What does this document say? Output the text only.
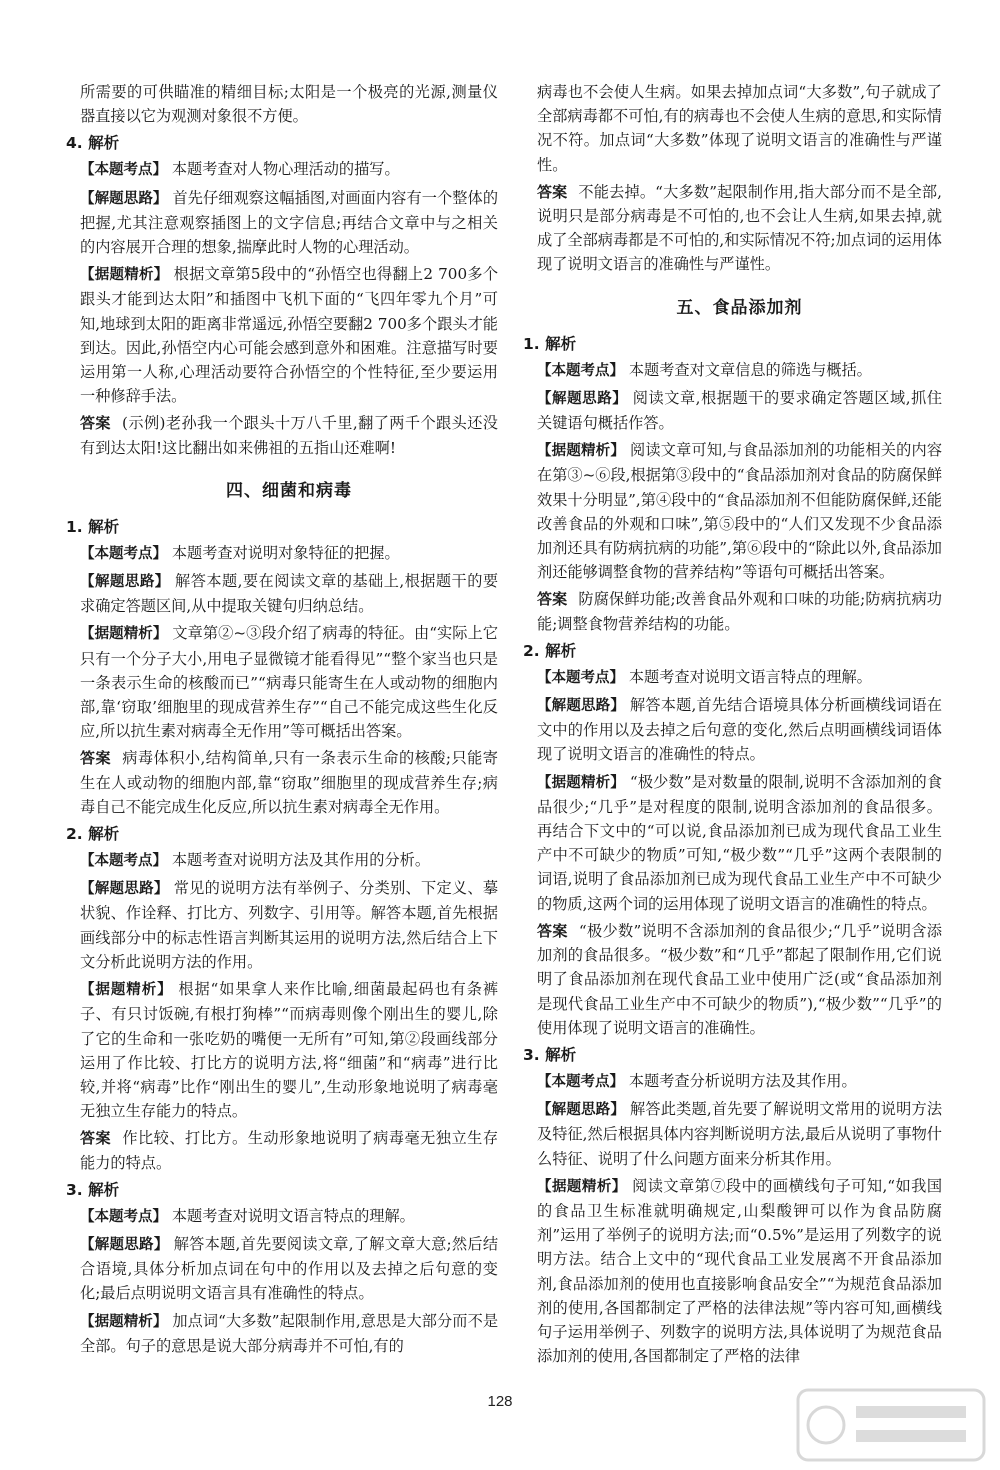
所需要的可供瞄准的精细目标;太阳是一个极亮的光源,测量仪器直接以它为观测对象很不方便。

4. 解析

【本题考点】 本题考查对人物心理活动的描写。

【解题思路】 首先仔细观察这幅插图,对画面内容有一个整体的把握,尤其注意观察插图上的文字信息;再结合文章中与之相关的内容展开合理的想象,揣摩此时人物的心理活动。

【据题精析】 根据文章第5段中的“孙悟空也得翻上2 700多个跟头才能到达太阳”和插图中飞机下面的“飞四年零九个月”可知,地球到太阳的距离非常遥远,孙悟空要翻2 700多个跟头才能到达。因此,孙悟空内心可能会感到意外和困难。注意描写时要运用第一人称,心理活动要符合孙悟空的个性特征,至少要运用一种修辞手法。

答案 (示例)老孙我一个跟头十万八千里,翻了两千个跟头还没有到达太阳!这比翻出如来佛祖的五指山还难啊!

四、细菌和病毒
1. 解析

【本题考点】 本题考查对说明对象特征的把握。

【解题思路】 解答本题,要在阅读文章的基础上,根据题干的要求确定答题区间,从中提取关键句归纳总结。

【据题精析】 文章第②~③段介绍了病毒的特征。由“实际上它只有一个分子大小,用电子显微镜才能看得见”“整个家当也只是一条表示生命的核酸而已”“病毒只能寄生在人或动物的细胞内部,靠‘窃取’细胞里的现成营养生存”“自己不能完成这些生化反应,所以抗生素对病毒全无作用”等可概括出答案。

答案 病毒体积小,结构简单,只有一条表示生命的核酸;只能寄生在人或动物的细胞内部,靠“窃取”细胞里的现成营养生存;病毒自己不能完成生化反应,所以抗生素对病毒全无作用。

2. 解析

【本题考点】 本题考查对说明方法及其作用的分析。

【解题思路】 常见的说明方法有举例子、分类别、下定义、摹状貌、作诠释、打比方、列数字、引用等。解答本题,首先根据画线部分中的标志性语言判断其运用的说明方法,然后结合上下文分析此说明方法的作用。

【据题精析】 根据“如果拿人来作比喻,细菌最起码也有条裤子、有只讨饭碗,有根打狗棒”“而病毒则像个刚出生的婴儿,除了它的生命和一张吃奶的嘴便一无所有”可知,第②段画线部分运用了作比较、打比方的说明方法,将“细菌”和“病毒”进行比较,并将“病毒”比作“刚出生的婴儿”,生动形象地说明了病毒毫无独立生存能力的特点。

答案 作比较、打比方。生动形象地说明了病毒毫无独立生存能力的特点。

3. 解析

【本题考点】 本题考查对说明文语言特点的理解。

【解题思路】 解答本题,首先要阅读文章,了解文章大意;然后结合语境,具体分析加点词在句中的作用以及去掉之后句意的变化;最后点明说明文语言具有准确性的特点。

【据题精析】 加点词“大多数”起限制作用,意思是大部分而不是全部。句子的意思是说大部分病毒并不可怕,有的

病毒也不会使人生病。如果去掉加点词“大多数”,句子就成了全部病毒都不可怕,有的病毒也不会使人生病的意思,和实际情况不符。加点词“大多数”体现了说明文语言的准确性与严谨性。

答案 不能去掉。“大多数”起限制作用,指大部分而不是全部,说明只是部分病毒是不可怕的,也不会让人生病,如果去掉,就成了全部病毒都是不可怕的,和实际情况不符;加点词的运用体现了说明文语言的准确性与严谨性。

五、食品添加剂
1. 解析

【本题考点】 本题考查对文章信息的筛选与概括。

【解题思路】 阅读文章,根据题干的要求确定答题区域,抓住关键语句概括作答。

【据题精析】 阅读文章可知,与食品添加剂的功能相关的内容在第③~⑥段,根据第③段中的“食品添加剂对食品的防腐保鲜效果十分明显”,第④段中的“食品添加剂不但能防腐保鲜,还能改善食品的外观和口味”,第⑤段中的“人们又发现不少食品添加剂还具有防病抗病的功能”,第⑥段中的“除此以外,食品添加剂还能够调整食物的营养结构”等语句可概括出答案。

答案 防腐保鲜功能;改善食品外观和口味的功能;防病抗病功能;调整食物营养结构的功能。

2. 解析

【本题考点】 本题考查对说明文语言特点的理解。

【解题思路】 解答本题,首先结合语境具体分析画横线词语在文中的作用以及去掉之后句意的变化,然后点明画横线词语体现了说明文语言的准确性的特点。

【据题精析】 “极少数”是对数量的限制,说明不含添加剂的食品很少;“几乎”是对程度的限制,说明含添加剂的食品很多。再结合下文中的“可以说,食品添加剂已成为现代食品工业生产中不可缺少的物质”可知,“极少数”“几乎”这两个表限制的词语,说明了食品添加剂已成为现代食品工业生产中不可缺少的物质,这两个词的运用体现了说明文语言的准确性的特点。

答案 “极少数”说明不含添加剂的食品很少;“几乎”说明含添加剂的食品很多。“极少数”和“几乎”都起了限制作用,它们说明了食品添加剂在现代食品工业中使用广泛(或“食品添加剂是现代食品工业生产中不可缺少的物质”),“极少数”“几乎”的使用体现了说明文语言的准确性。

3. 解析

【本题考点】 本题考查分析说明方法及其作用。

【解题思路】 解答此类题,首先要了解说明文常用的说明方法及特征,然后根据具体内容判断说明方法,最后从说明了事物什么特征、说明了什么问题方面来分析其作用。

【据题精析】 阅读文章第⑦段中的画横线句子可知,“如我国的食品卫生标准就明确规定,山梨酸钾可以作为食品防腐剂”运用了举例子的说明方法;而“0.5%”是运用了列数字的说明方法。结合上文中的“现代食品工业发展离不开食品添加剂,食品添加剂的使用也直接影响食品安全”“为规范食品添加剂的使用,各国都制定了严格的法律法规”等内容可知,画横线句子运用举例子、列数字的说明方法,具体说明了为规范食品添加剂的使用,各国都制定了严格的法律

128
